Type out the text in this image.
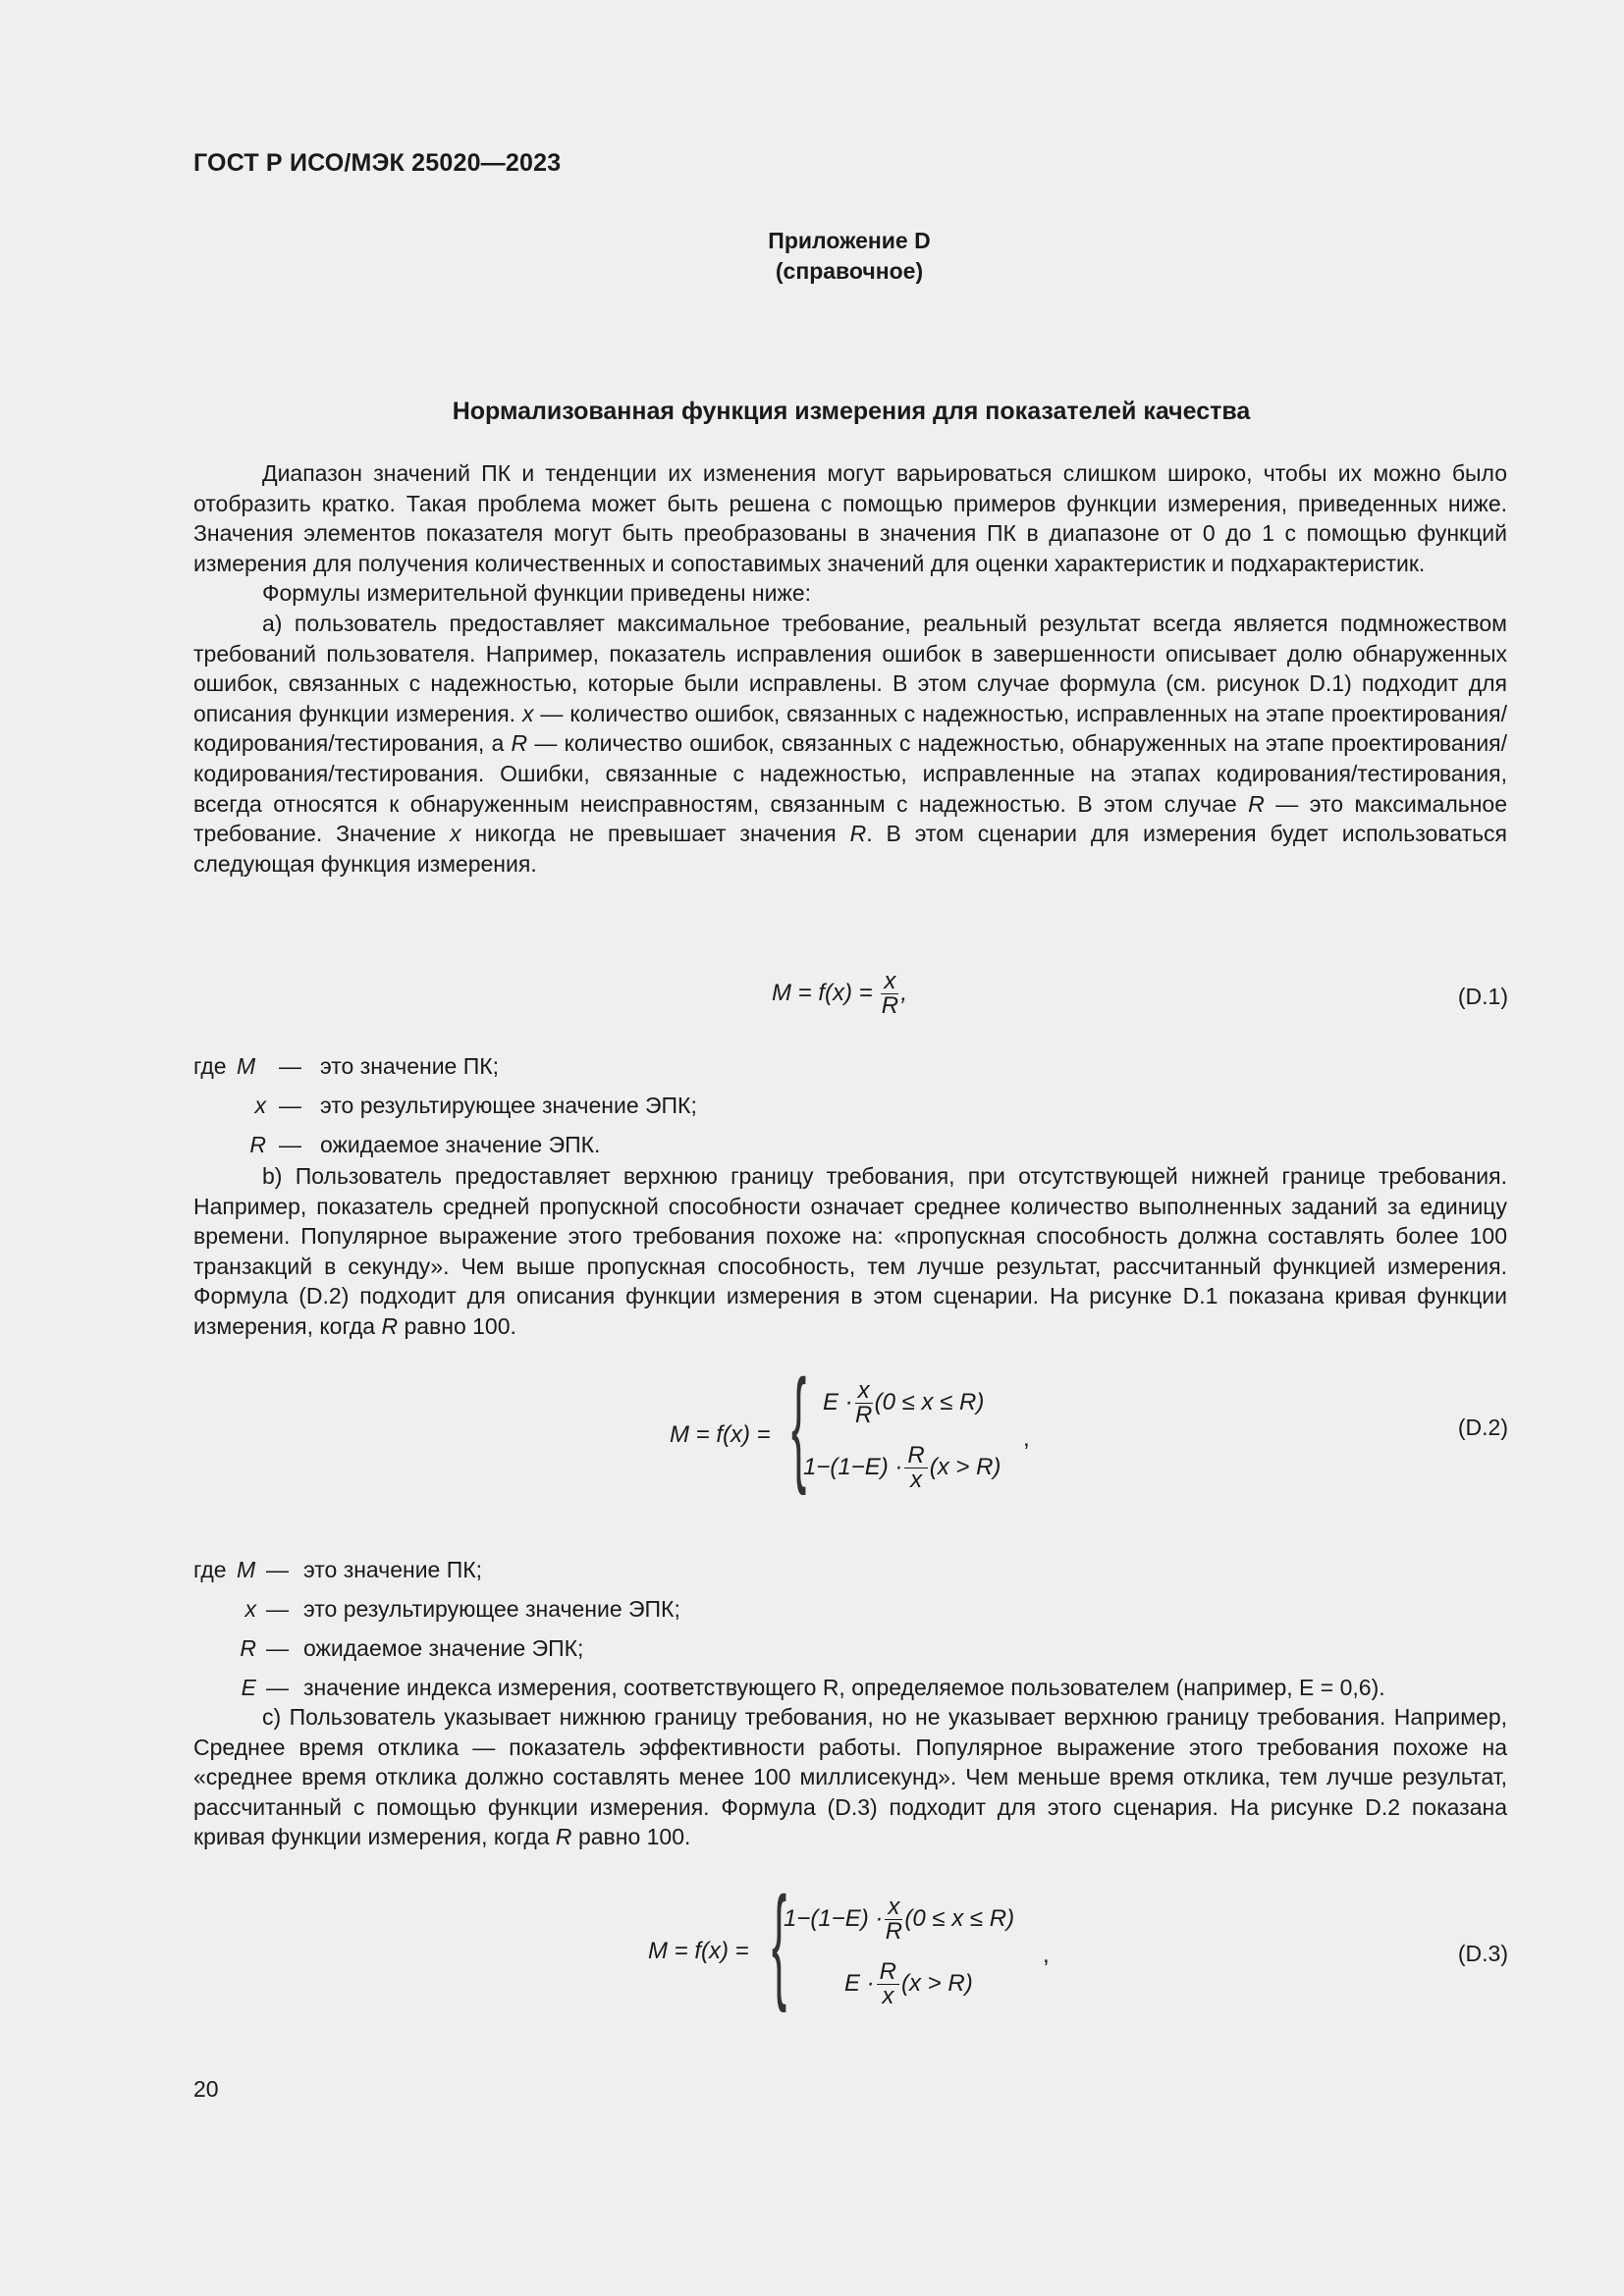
ГОСТ Р ИСО/МЭК 25020—2023
Приложение D
(справочное)
Нормализованная функция измерения для показателей качества

Диапазон значений ПК и тенденции их изменения могут варьироваться слишком широко, чтобы их можно было отобразить кратко. Такая проблема может быть решена с помощью примеров функции измерения, приведенных ниже. Значения элементов показателя могут быть преобразованы в значения ПК в диапазоне от 0 до 1 с помощью функций измерения для получения количественных и сопоставимых значений для оценки характеристик и подхарактеристик.

Формулы измерительной функции приведены ниже:

a) пользователь предоставляет максимальное требование, реальный результат всегда является подмножеством требований пользователя. Например, показатель исправления ошибок в завершенности описывает долю обнаруженных ошибок, связанных с надежностью, которые были исправлены. В этом случае формула (см. рисунок D.1) подходит для описания функции измерения. x — количество ошибок, связанных с надежностью, исправленных на этапе проектирования/кодирования/тестирования, а R — количество ошибок, связанных с надежностью, обнаруженных на этапе проектирования/кодирования/тестирования. Ошибки, связанные с надежностью, исправленные на этапах кодирования/тестирования, всегда относятся к обнаруженным неисправностям, связанным с надежностью. В этом случае R — это максимальное требование. Значение x никогда не превышает значения R. В этом сценарии для измерения будет использоваться следующая функция измерения.

$M = f(x) = \frac{x}{R}$ ,	(D.1)
где M — это значение ПК;
x — это результирующее значение ЭПК;
R — ожидаемое значение ЭПК.

b) Пользователь предоставляет верхнюю границу требования, при отсутствующей нижней границе требования. Например, показатель средней пропускной способности означает среднее количество выполненных заданий за единицу времени. Популярное выражение этого требования похоже на: «пропускная способность должна составлять более 100 транзакций в секунду». Чем выше пропускная способность, тем лучше результат, рассчитанный функцией измерения. Формула (D.2) подходит для описания функции измерения в этом сценарии. На рисунке D.1 показана кривая функции измерения, когда R равно 100.

M = f(x) = { $E \cdot \frac{x}{R} (0 \le x \le R)$
$1-(1-E) \cdot \frac{R}{x} (x > R)$
,	(D.2)
где M — это значение ПК;
x — это результирующее значение ЭПК;
R — ожидаемое значение ЭПК;
E — значение индекса измерения, соответствующего R, определяемое пользователем (например, E = 0,6).

c) Пользователь указывает нижнюю границу требования, но не указывает верхнюю границу требования. Например, Среднее время отклика — показатель эффективности работы. Популярное выражение этого требования похоже на «среднее время отклика должно составлять менее 100 миллисекунд». Чем меньше время отклика, тем лучше результат, рассчитанный с помощью функции измерения. Формула (D.3) подходит для этого сценария. На рисунке D.2 показана кривая функции измерения, когда R равно 100.

M = f(x) = {
$1-(1-E) \cdot \frac{x}{R} (0 \le x \le R)$
$E \cdot \frac{R}{x} (x > R)$
,	(D.3)
20
